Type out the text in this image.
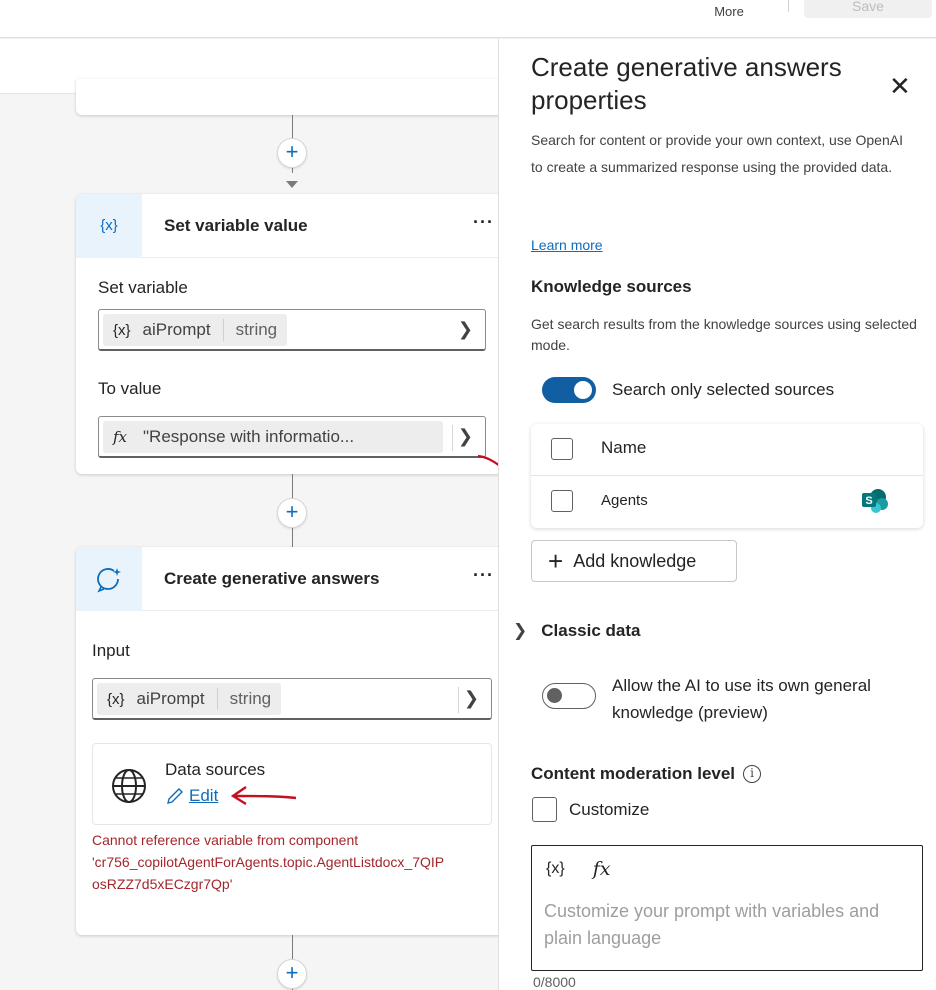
More	Save
+
{x}	Set variable value	···
Set variable
{x} aiPrompt string	❯
To value
fx "Response with informatio...	❯
+
Create generative answers	···
Input
{x} aiPrompt string	❯
Data sources
Edit
Cannot reference variable from component
'cr756_copilotAgentForAgents.topic.AgentListdocx_7QIP
osRZZ7d5xECzgr7Qp'
+
Create generative answers properties	✕
Search for content or provide your own context, use OpenAI to create a summarized response using the provided data.
Learn more
Knowledge sources
Get search results from the knowledge sources using selected mode.
Search only selected sources
Name
Agents	S
+ Add knowledge
❯ Classic data
Allow the AI to use its own general knowledge (preview)
Content moderation level	i
Customize
{x} fx
Customize your prompt with variables and plain language
0/8000
